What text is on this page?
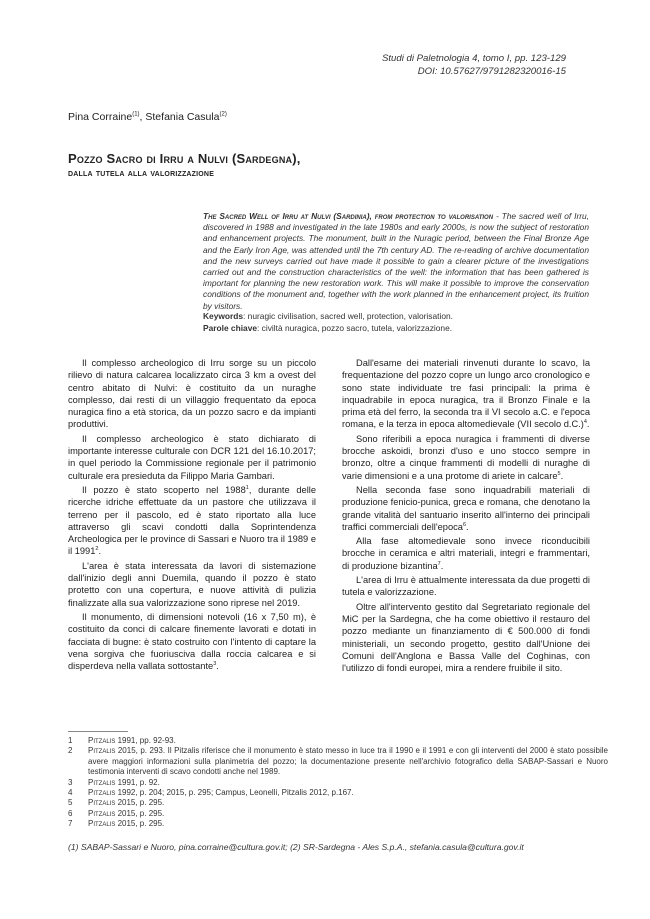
Studi di Paletnologia 4, tomo I, pp. 123-129
DOI: 10.57627/9791282320016-15
Pina Corraine$^{(1)}$, Stefania Casula$^{(2)}$
Pozzo Sacro di Irru a Nulvi (Sardegna),
dalla tutela alla valorizzazione
The Sacred Well of Irru at Nulvi (Sardinia), from protection to valorisation - The sacred well of Irru, discovered in 1988 and investigated in the late 1980s and early 2000s, is now the subject of restoration and enhancement projects. The monument, built in the Nuragic period, between the Final Bronze Age and the Early Iron Age, was attended until the 7th century AD. The re-reading of archive documentation and the new surveys carried out have made it possible to gain a clearer picture of the investigations carried out and the construction characteristics of the well: the information that has been gathered is important for planning the new restoration work. This will make it possible to improve the conservation conditions of the monument and, together with the work planned in the enhancement project, its fruition by visitors.
Keywords: nuragic civilisation, sacred well, protection, valorisation.
Parole chiave: civiltà nuragica, pozzo sacro, tutela, valorizzazione.

Il complesso archeologico di Irru sorge su un piccolo rilievo di natura calcarea localizzato circa 3 km a ovest del centro abitato di Nulvi: è costituito da un nuraghe complesso, dai resti di un villaggio frequentato da epoca nuragica fino a età storica, da un pozzo sacro e da impianti produttivi.

Il complesso archeologico è stato dichiarato di importante interesse culturale con DCR 121 del 16.10.2017; in quel periodo la Commissione regionale per il patrimonio culturale era presieduta da Filippo Maria Gambari.

Il pozzo è stato scoperto nel 1988$^1$, durante delle ricerche idriche effettuate da un pastore che utilizzava il terreno per il pascolo, ed è stato riportato alla luce attraverso gli scavi condotti dalla Soprintendenza Archeologica per le province di Sassari e Nuoro tra il 1989 e il 1991$^2$.

L'area è stata interessata da lavori di sistemazione dall'inizio degli anni Duemila, quando il pozzo è stato protetto con una copertura, e nuove attività di pulizia finalizzate alla sua valorizzazione sono riprese nel 2019.

Il monumento, di dimensioni notevoli (16 x 7,50 m), è costituito da conci di calcare finemente lavorati e dotati in facciata di bugne: è stato costruito con l'intento di captare la vena sorgiva che fuoriusciva dalla roccia calcarea e si disperdeva nella vallata sottostante$^3$.

Dall'esame dei materiali rinvenuti durante lo scavo, la frequentazione del pozzo copre un lungo arco cronologico e sono state individuate tre fasi principali: la prima è inquadrabile in epoca nuragica, tra il Bronzo Finale e la prima età del ferro, la seconda tra il VI secolo a.C. e l'epoca romana, e la terza in epoca altomedievale (VII secolo d.C.)$^4$.

Sono riferibili a epoca nuragica i frammenti di diverse brocche askoidi, bronzi d'uso e uno stocco sempre in bronzo, oltre a cinque frammenti di modelli di nuraghe di varie dimensioni e a una protome di ariete in calcare$^5$.

Nella seconda fase sono inquadrabili materiali di produzione fenicio-punica, greca e romana, che denotano la grande vitalità del santuario inserito all'interno dei principali traffici commerciali dell'epoca$^6$.

Alla fase altomedievale sono invece riconducibili brocche in ceramica e altri materiali, integri e frammentari, di produzione bizantina$^7$.

L'area di Irru è attualmente interessata da due progetti di tutela e valorizzazione.

Oltre all'intervento gestito dal Segretariato regionale del MiC per la Sardegna, che ha come obiettivo il restauro del pozzo mediante un finanziamento di € 500.000 di fondi ministeriali, un secondo progetto, gestito dall'Unione dei Comuni dell'Anglona e Bassa Valle del Coghinas, con l'utilizzo di fondi europei, mira a rendere fruibile il sito.

1	Pitzalis 1991, pp. 92-93.
2	Pitzalis 2015, p. 293. Il Pitzalis riferisce che il monumento è stato messo in luce tra il 1990 e il 1991 e con gli interventi del 2000 è stato possibile avere maggiori informazioni sulla planimetria del pozzo; la documentazione presente nell'archivio fotografico della SABAP-Sassari e Nuoro testimonia interventi di scavo condotti anche nel 1989.
3	Pitzalis 1991, p. 92.
4	Pitzalis 1992, p. 204; 2015, p. 295; Campus, Leonelli, Pitzalis 2012, p.167.
5	Pitzalis 2015, p. 295.
6	Pitzalis 2015, p. 295.
7	Pitzalis 2015, p. 295.
(1) SABAP-Sassari e Nuoro, pina.corraine@cultura.gov.it; (2) SR-Sardegna - Ales S.p.A., stefania.casula@cultura.gov.it
